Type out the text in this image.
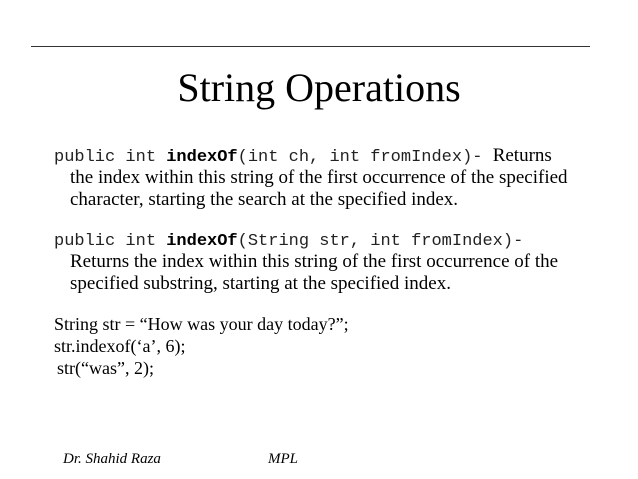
String Operations
public int indexOf(int ch, int fromIndex)- Returns
the index within this string of the first occurrence of the specified
character, starting the search at the specified index.
public int indexOf(String str, int fromIndex)-
Returns the index within this string of the first occurrence of the
specified substring, starting at the specified index.
String str = “How was your day today?”;
str.indexof(‘a’, 6);
str(“was”, 2);
Dr. Shahid Raza	MPL
